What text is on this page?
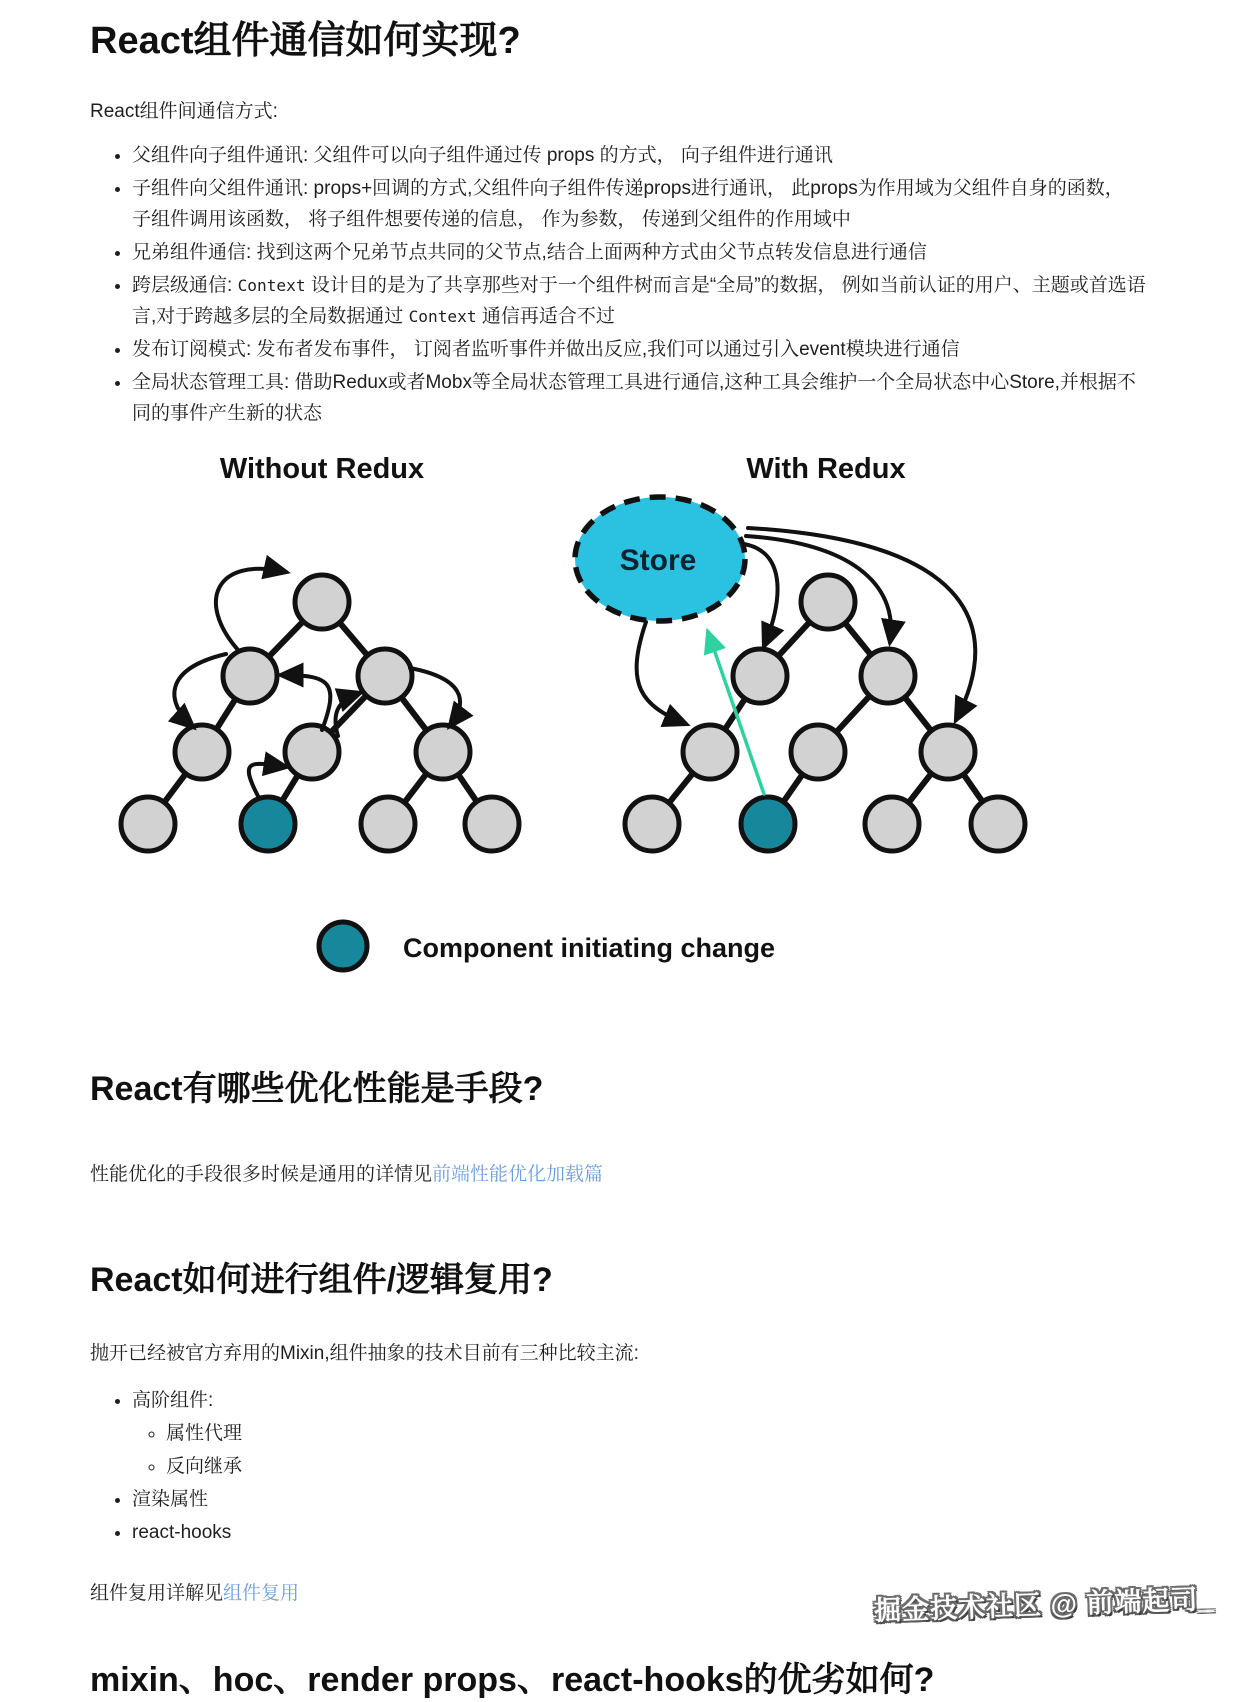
React组件通信如何实现?

React组件间通信方式:

• 父组件向子组件通讯: 父组件可以向子组件通过传 props 的方式， 向子组件进行通讯
• 子组件向父组件通讯: props+回调的方式,父组件向子组件传递props进行通讯， 此props为作用域为父组件自身的函数， 子组件调用该函数， 将子组件想要传递的信息， 作为参数， 传递到父组件的作用域中
• 兄弟组件通信: 找到这两个兄弟节点共同的父节点,结合上面两种方式由父节点转发信息进行通信
• 跨层级通信: Context 设计目的是为了共享那些对于一个组件树而言是“全局”的数据， 例如当前认证的用户、主题或首选语言,对于跨越多层的全局数据通过 Context 通信再适合不过
• 发布订阅模式: 发布者发布事件， 订阅者监听事件并做出反应,我们可以通过引入event模块进行通信
• 全局状态管理工具: 借助Redux或者Mobx等全局状态管理工具进行通信,这种工具会维护一个全局状态中心Store,并根据不同的事件产生新的状态
Without Redux	With Redux
Store
Component initiating change
React有哪些优化性能是手段?

性能优化的手段很多时候是通用的详情见前端性能优化加载篇

React如何进行组件/逻辑复用?

抛开已经被官方弃用的Mixin,组件抽象的技术目前有三种比较主流:

• 高阶组件:
◦ 属性代理
◦ 反向继承
• 渲染属性
• react-hooks

组件复用详解见组件复用

mixin、hoc、render props、react-hooks的优劣如何?
掘金技术社区 @ 前端起司_
